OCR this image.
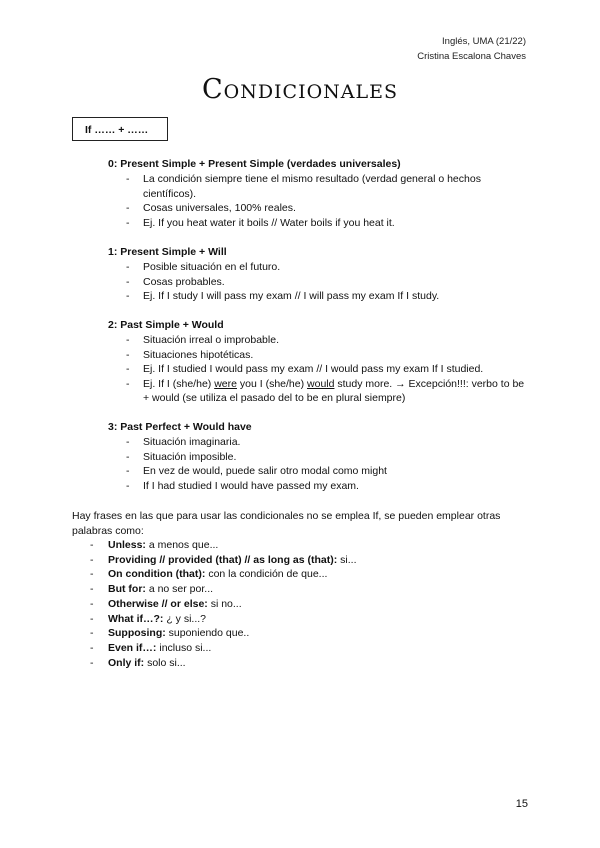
Inglés, UMA (21/22)
Cristina Escalona Chaves
Condicionales
If …… + ……
0: Present Simple + Present Simple (verdades universales)
- La condición siempre tiene el mismo resultado (verdad general o hechos científicos).
- Cosas universales, 100% reales.
- Ej. If you heat water it boils // Water boils if you heat it.
1: Present Simple + Will
- Posible situación en el futuro.
- Cosas probables.
- Ej. If I study I will pass my exam // I will pass my exam If I study.
2: Past Simple + Would
- Situación irreal o improbable.
- Situaciones hipotéticas.
- Ej. If I studied I would pass my exam // I would pass my exam If I studied.
- Ej. If I (she/he) were you I (she/he) would study more. → Excepción!!!: verbo to be + would (se utiliza el pasado del to be en plural siempre)
3: Past Perfect + Would have
- Situación imaginaria.
- Situación imposible.
- En vez de would, puede salir otro modal como might
- If I had studied I would have passed my exam.
Hay frases en las que para usar las condicionales no se emplea If, se pueden emplear otras palabras como:
- Unless: a menos que...
- Providing // provided (that) // as long as (that): si...
- On condition (that): con la condición de que...
- But for: a no ser por...
- Otherwise // or else: si no...
- What if…?: ¿ y si...?
- Supposing: suponiendo que..
- Even if…: incluso si...
- Only if: solo si...
15
